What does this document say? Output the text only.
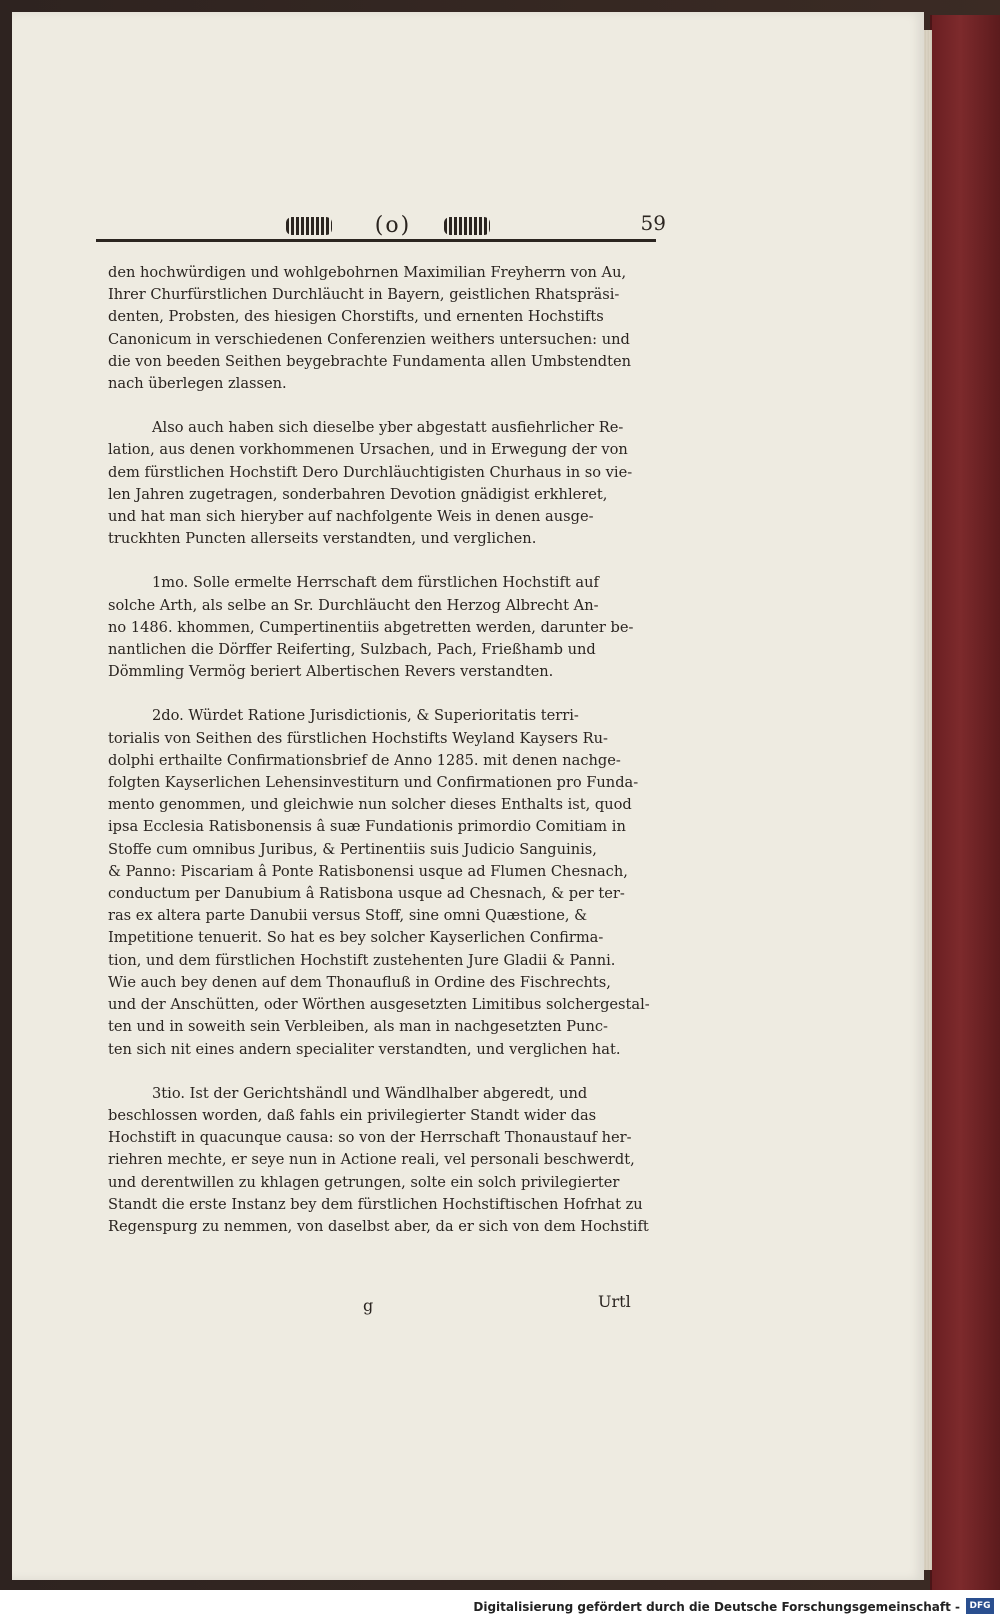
(o)	59
den hochwürdigen und wohlgebohrnen Maximilian Freyherrn von Au,
Ihrer Churfürstlichen Durchläucht in Bayern, geistlichen Rhatspräsi-
denten, Probsten, des hiesigen Chorstifts, und ernenten Hochstifts
Canonicum in verschiedenen Conferenzien weithers untersuchen: und
die von beeden Seithen beygebrachte Fundamenta allen Umbstendten
nach überlegen zlassen.
Also auch haben sich dieselbe yber abgestatt ausfiehrlicher Re-
lation, aus denen vorkhommenen Ursachen, und in Erwegung der von
dem fürstlichen Hochstift Dero Durchläuchtigisten Churhaus in so vie-
len Jahren zugetragen, sonderbahren Devotion gnädigist erkhleret,
und hat man sich hieryber auf nachfolgente Weis in denen ausge-
truckhten Puncten allerseits verstandten, und verglichen.
1mo. Solle ermelte Herrschaft dem fürstlichen Hochstift auf
solche Arth, als selbe an Sr. Durchläucht den Herzog Albrecht An-
no 1486. khommen, Cumpertinentiis abgetretten werden, darunter be-
nantlichen die Dörffer Reiferting, Sulzbach, Pach, Frießhamb und
Dömmling Vermög beriert Albertischen Revers verstandten.
2do. Würdet Ratione Jurisdictionis, & Superioritatis terri-
torialis von Seithen des fürstlichen Hochstifts Weyland Kaysers Ru-
dolphi erthailte Confirmationsbrief de Anno 1285. mit denen nachge-
folgten Kayserlichen Lehensinvestiturn und Confirmationen pro Funda-
mento genommen, und gleichwie nun solcher dieses Enthalts ist, quod
ipsa Ecclesia Ratisbonensis â suæ Fundationis primordio Comitiam in
Stoffe cum omnibus Juribus, & Pertinentiis suis Judicio Sanguinis,
& Panno: Piscariam â Ponte Ratisbonensi usque ad Flumen Chesnach,
conductum per Danubium â Ratisbona usque ad Chesnach, & per ter-
ras ex altera parte Danubii versus Stoff, sine omni Quæstione, &
Impetitione tenuerit. So hat es bey solcher Kayserlichen Confirma-
tion, und dem fürstlichen Hochstift zustehenten Jure Gladii & Panni.
Wie auch bey denen auf dem Thonaufluß in Ordine des Fischrechts,
und der Anschütten, oder Wörthen ausgesetzten Limitibus solchergestal-
ten und in soweith sein Verbleiben, als man in nachgesetzten Punc-
ten sich nit eines andern specialiter verstandten, und verglichen hat.
3tio. Ist der Gerichtshändl und Wändlhalber abgeredt, und
beschlossen worden, daß fahls ein privilegierter Standt wider das
Hochstift in quacunque causa: so von der Herrschaft Thonaustauf her-
riehren mechte, er seye nun in Actione reali, vel personali beschwerdt,
und derentwillen zu khlagen getrungen, solte ein solch privilegierter
Standt die erste Instanz bey dem fürstlichen Hochstiftischen Hofrhat zu
Regenspurg zu nemmen, von daselbst aber, da er sich von dem Hochstift
g	Urtl
Digitalisierung gefördert durch die Deutsche Forschungsgemeinschaft -	DFG
